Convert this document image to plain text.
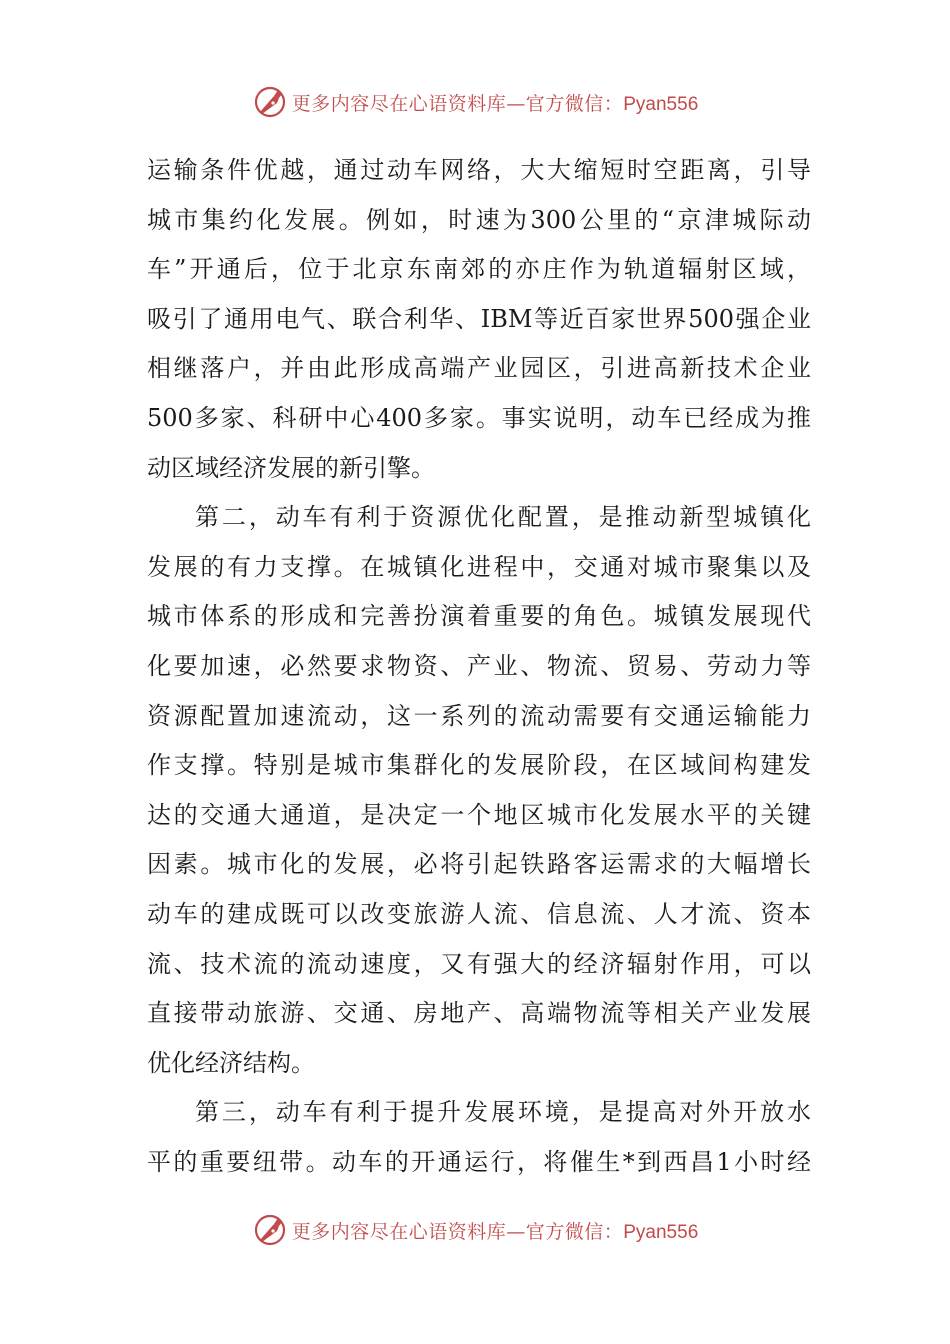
更多内容尽在心语资料库—官方微信：Pyan556
运输条件优越，通过动车网络，大大缩短时空距离，引导
城市集约化发展。例如，时速为300公里的“京津城际动
车”开通后，位于北京东南郊的亦庄作为轨道辐射区域，
吸引了通用电气、联合利华、IBM等近百家世界500强企业
相继落户，并由此形成高端产业园区，引进高新技术企业
500多家、科研中心400多家。事实说明，动车已经成为推
动区域经济发展的新引擎。
第二，动车有利于资源优化配置，是推动新型城镇化
发展的有力支撑。在城镇化进程中，交通对城市聚集以及
城市体系的形成和完善扮演着重要的角色。城镇发展现代
化要加速，必然要求物资、产业、物流、贸易、劳动力等
资源配置加速流动，这一系列的流动需要有交通运输能力
作支撑。特别是城市集群化的发展阶段，在区域间构建发
达的交通大通道，是决定一个地区城市化发展水平的关键
因素。城市化的发展，必将引起铁路客运需求的大幅增长
动车的建成既可以改变旅游人流、信息流、人才流、资本
流、技术流的流动速度，又有强大的经济辐射作用，可以
直接带动旅游、交通、房地产、高端物流等相关产业发展
优化经济结构。
第三，动车有利于提升发展环境，是提高对外开放水
平的重要纽带。动车的开通运行，将催生*到西昌1小时经
更多内容尽在心语资料库—官方微信：Pyan556
